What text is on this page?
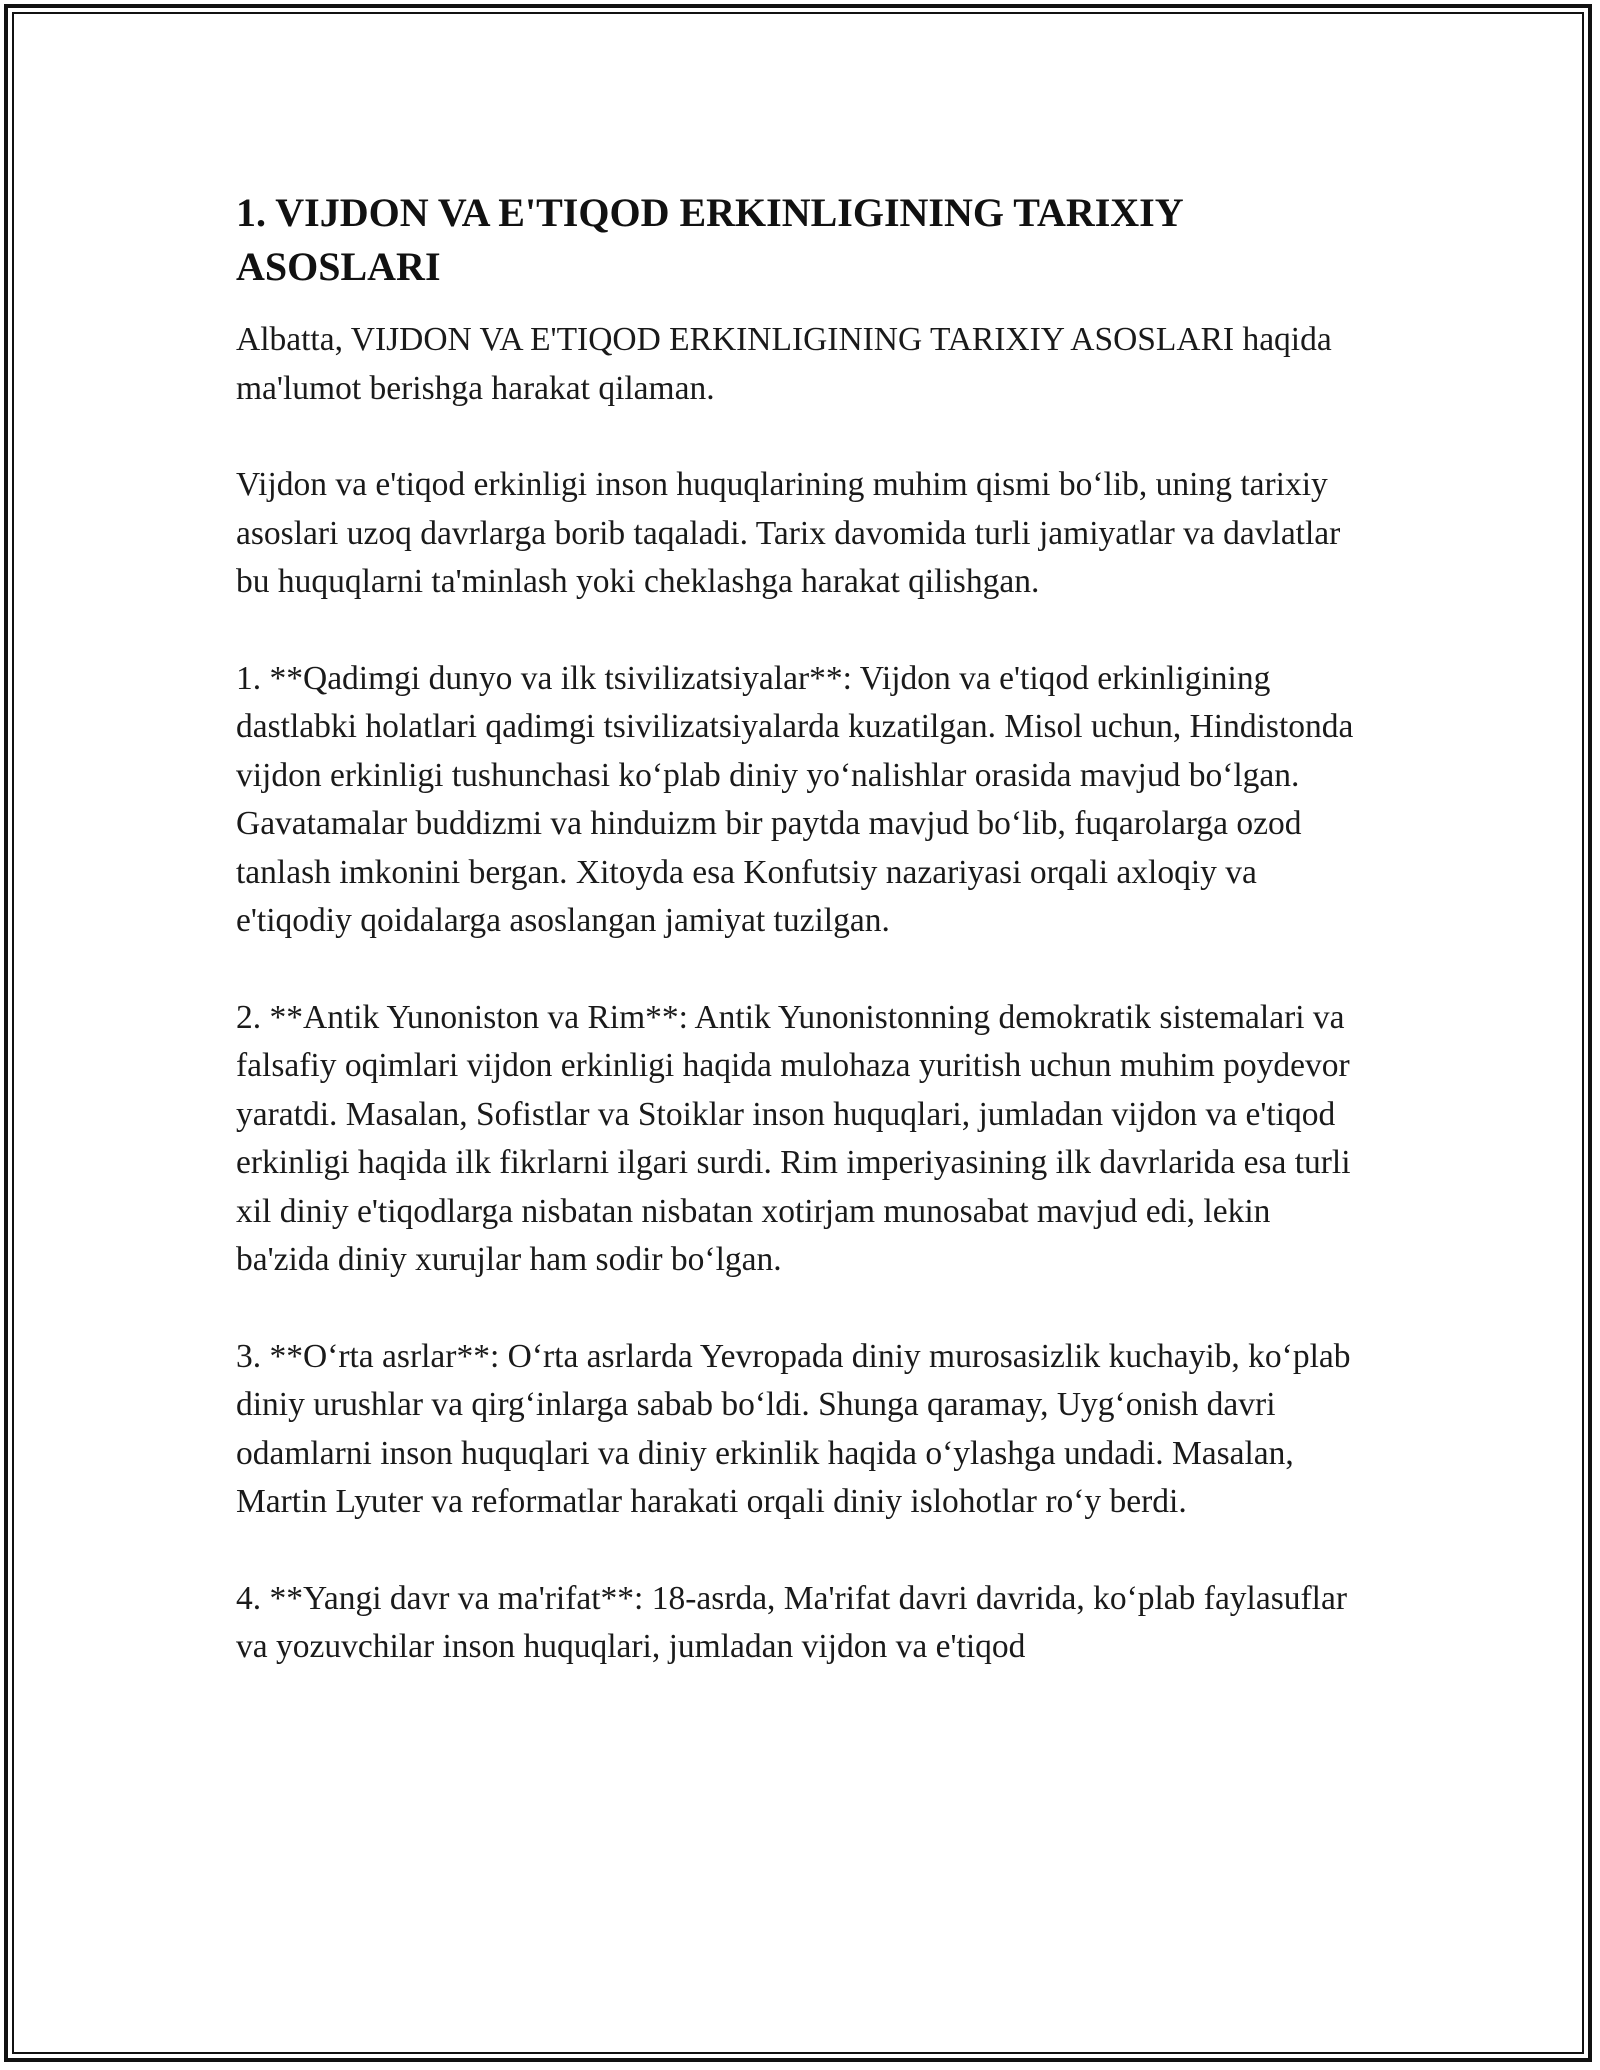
1. VIJDON VA E'TIQOD ERKINLIGINING TARIXIY ASOSLARI

Albatta, VIJDON VA E'TIQOD ERKINLIGINING TARIXIY ASOSLARI haqida ma'lumot berishga harakat qilaman.

Vijdon va e'tiqod erkinligi inson huquqlarining muhim qismi bo‘lib, uning tarixiy asoslari uzoq davrlarga borib taqaladi. Tarix davomida turli jamiyatlar va davlatlar bu huquqlarni ta'minlash yoki cheklashga harakat qilishgan.

1. **Qadimgi dunyo va ilk tsivilizatsiyalar**: Vijdon va e'tiqod erkinligining dastlabki holatlari qadimgi tsivilizatsiyalarda kuzatilgan. Misol uchun, Hindistonda vijdon erkinligi tushunchasi ko‘plab diniy yo‘nalishlar orasida mavjud bo‘lgan. Gavatamalar buddizmi va hinduizm bir paytda mavjud bo‘lib, fuqarolarga ozod tanlash imkonini bergan. Xitoyda esa Konfutsiy nazariyasi orqali axloqiy va e'tiqodiy qoidalarga asoslangan jamiyat tuzilgan.

2. **Antik Yunoniston va Rim**: Antik Yunonistonning demokratik sistemalari va falsafiy oqimlari vijdon erkinligi haqida mulohaza yuritish uchun muhim poydevor yaratdi. Masalan, Sofistlar va Stoiklar inson huquqlari, jumladan vijdon va e'tiqod erkinligi haqida ilk fikrlarni ilgari surdi. Rim imperiyasining ilk davrlarida esa turli xil diniy e'tiqodlarga nisbatan nisbatan xotirjam munosabat mavjud edi, lekin ba'zida diniy xurujlar ham sodir bo‘lgan.

3. **O‘rta asrlar**: O‘rta asrlarda Yevropada diniy murosasizlik kuchayib, ko‘plab diniy urushlar va qirg‘inlarga sabab bo‘ldi. Shunga qaramay, Uyg‘onish davri odamlarni inson huquqlari va diniy erkinlik haqida o‘ylashga undadi. Masalan, Martin Lyuter va reformatlar harakati orqali diniy islohotlar ro‘y berdi.

4. **Yangi davr va ma'rifat**: 18-asrda, Ma'rifat davri davrida, ko‘plab faylasuflar va yozuvchilar inson huquqlari, jumladan vijdon va e'tiqod
